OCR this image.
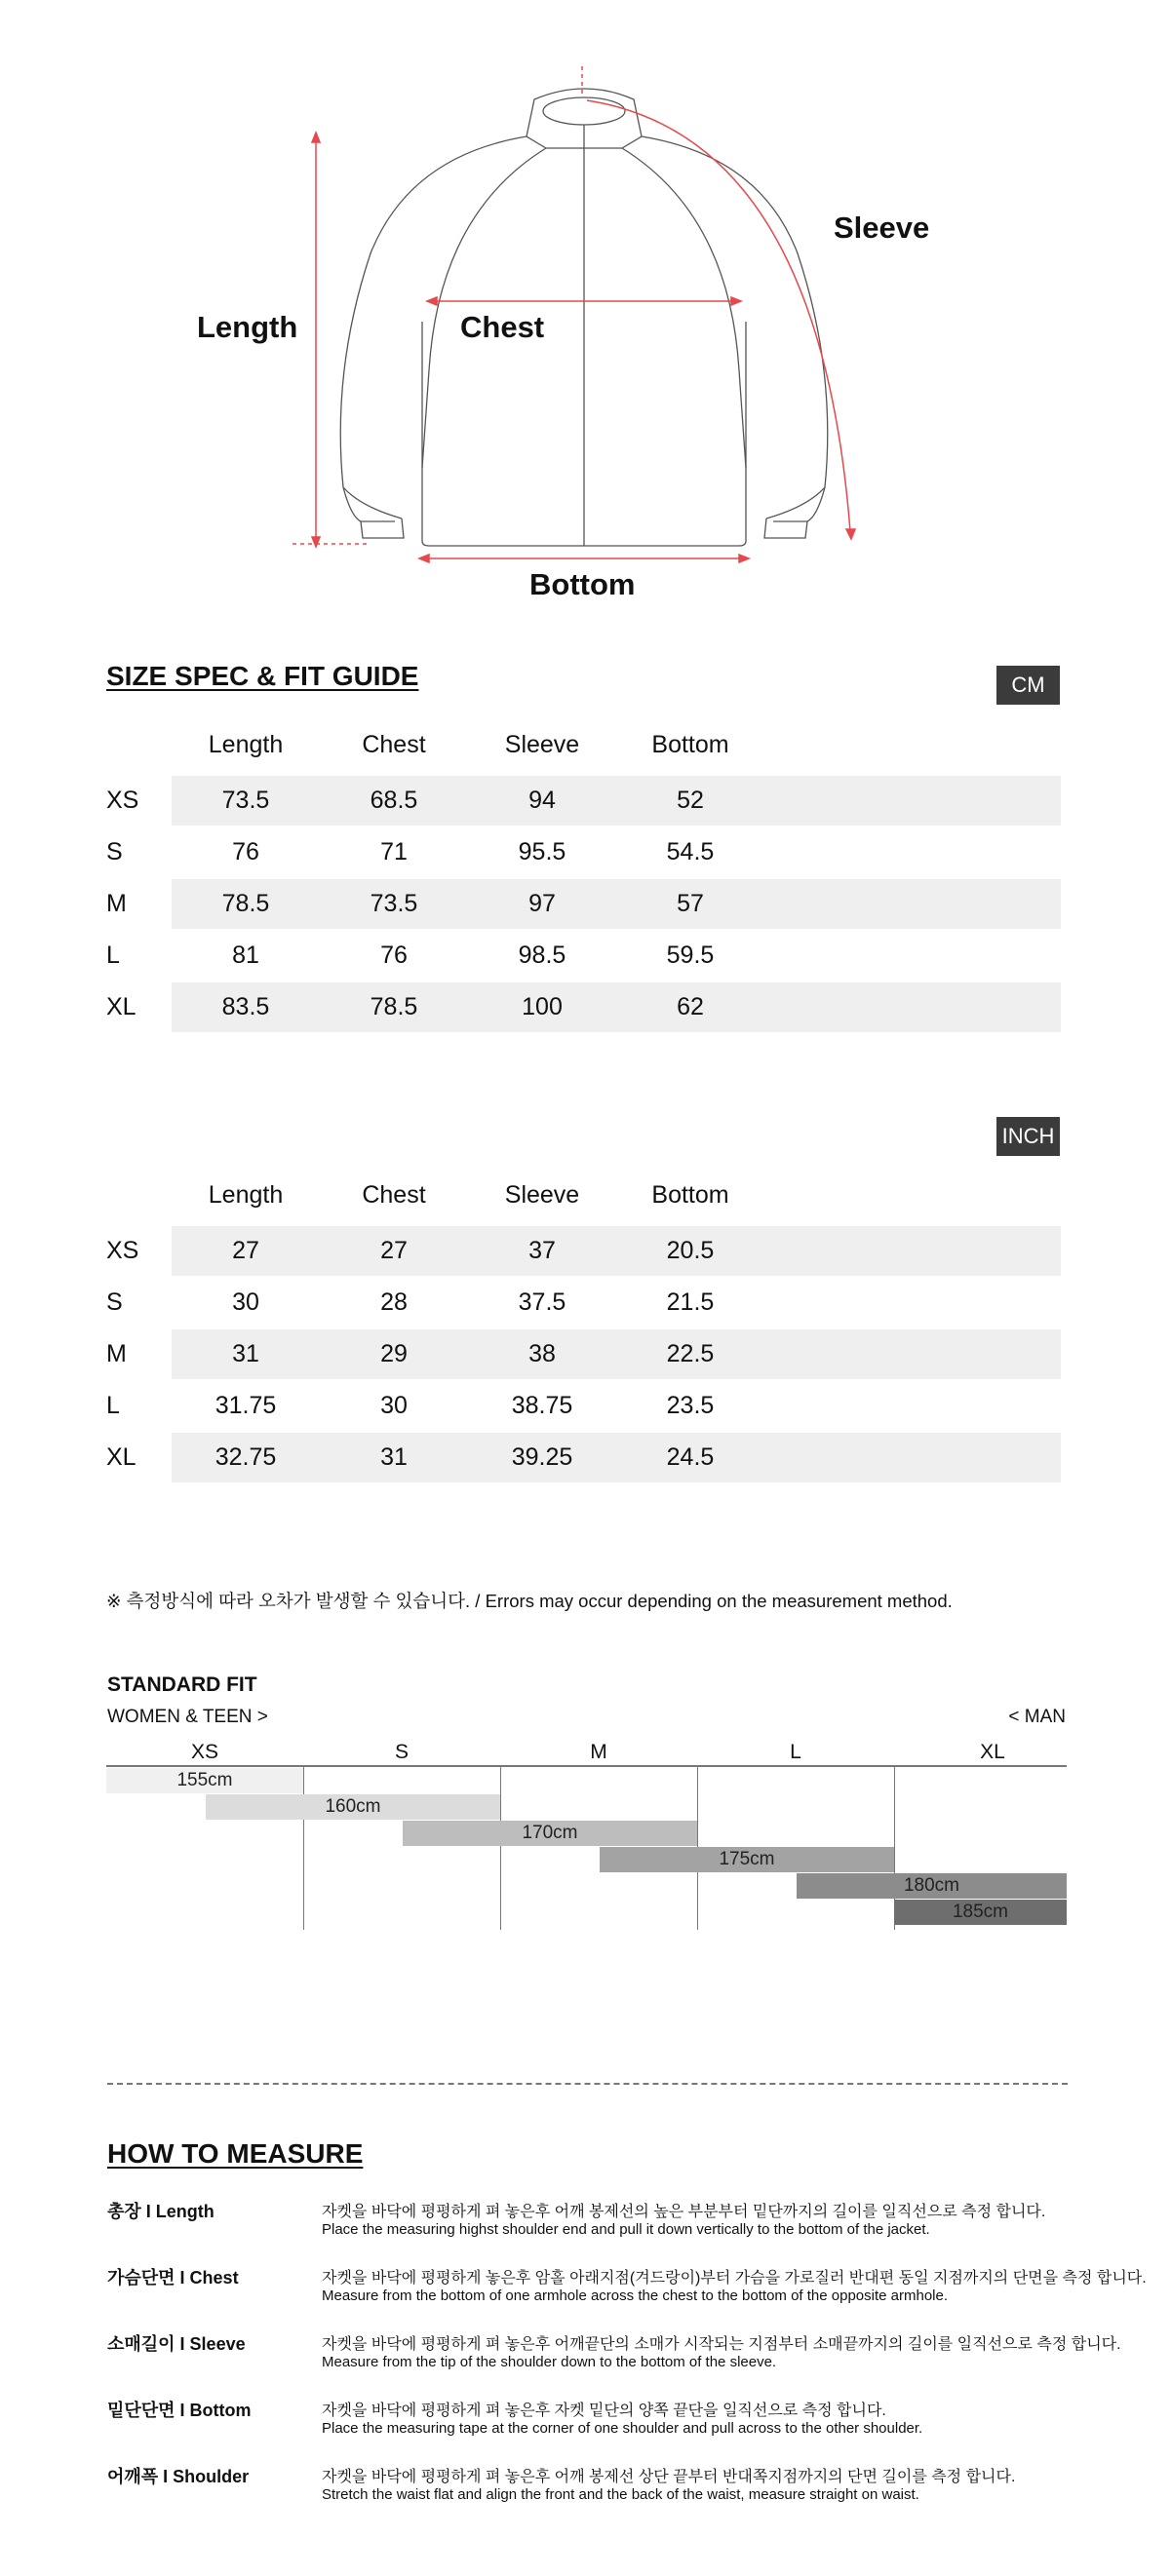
Length	Chest
Sleeve
Bottom
SIZE SPEC & FIT GUIDE	CM
Length	Chest	Sleeve	Bottom
XS	73.5	68.5	94	52
S	76	71	95.5	54.5
M	78.5	73.5	97	57
L	81	76	98.5	59.5
XL	83.5	78.5	100	62
INCH
Length	Chest	Sleeve	Bottom
XS	27	27	37	20.5
S	30	28	37.5	21.5
M	31	29	38	22.5
L	31.75	30	38.75	23.5
XL	32.75	31	39.25	24.5
※ 측정방식에 따라 오차가 발생할 수 있습니다. / Errors may occur depending on the measurement method.
STANDARD FIT
WOMEN & TEEN >	< MAN
XS	S	M	L	XL
155cm
160cm
170cm
175cm
180cm
185cm
HOW TO MEASURE
총장 I Length	자켓을 바닥에 평평하게 펴 놓은후 어깨 봉제선의 높은 부분부터 밑단까지의 길이를 일직선으로 측정 합니다.
Place the measuring highst shoulder end and pull it down vertically to the bottom of the jacket.
가슴단면 I Chest	자켓을 바닥에 평평하게 놓은후 암홀 아래지점(겨드랑이)부터 가슴을 가로질러 반대편 동일 지점까지의 단면을 측정 합니다.
Measure from the bottom of one armhole across the chest to the bottom of the opposite armhole.
소매길이 I Sleeve	자켓을 바닥에 평평하게 펴 놓은후 어깨끝단의 소매가 시작되는 지점부터 소매끝까지의 길이를 일직선으로 측정 합니다.
Measure from the tip of the shoulder down to the bottom of the sleeve.
밑단단면 I Bottom	자켓을 바닥에 평평하게 펴 놓은후 자켓 밑단의 양쪽 끝단을 일직선으로 측정 합니다.
Place the measuring tape at the corner of one shoulder and pull across to the other shoulder.
어깨폭 I Shoulder	자켓을 바닥에 평평하게 펴 놓은후 어깨 봉제선 상단 끝부터 반대쪽지점까지의 단면 길이를 측정 합니다.
Stretch the waist flat and align the front and the back of the waist, measure straight on waist.
